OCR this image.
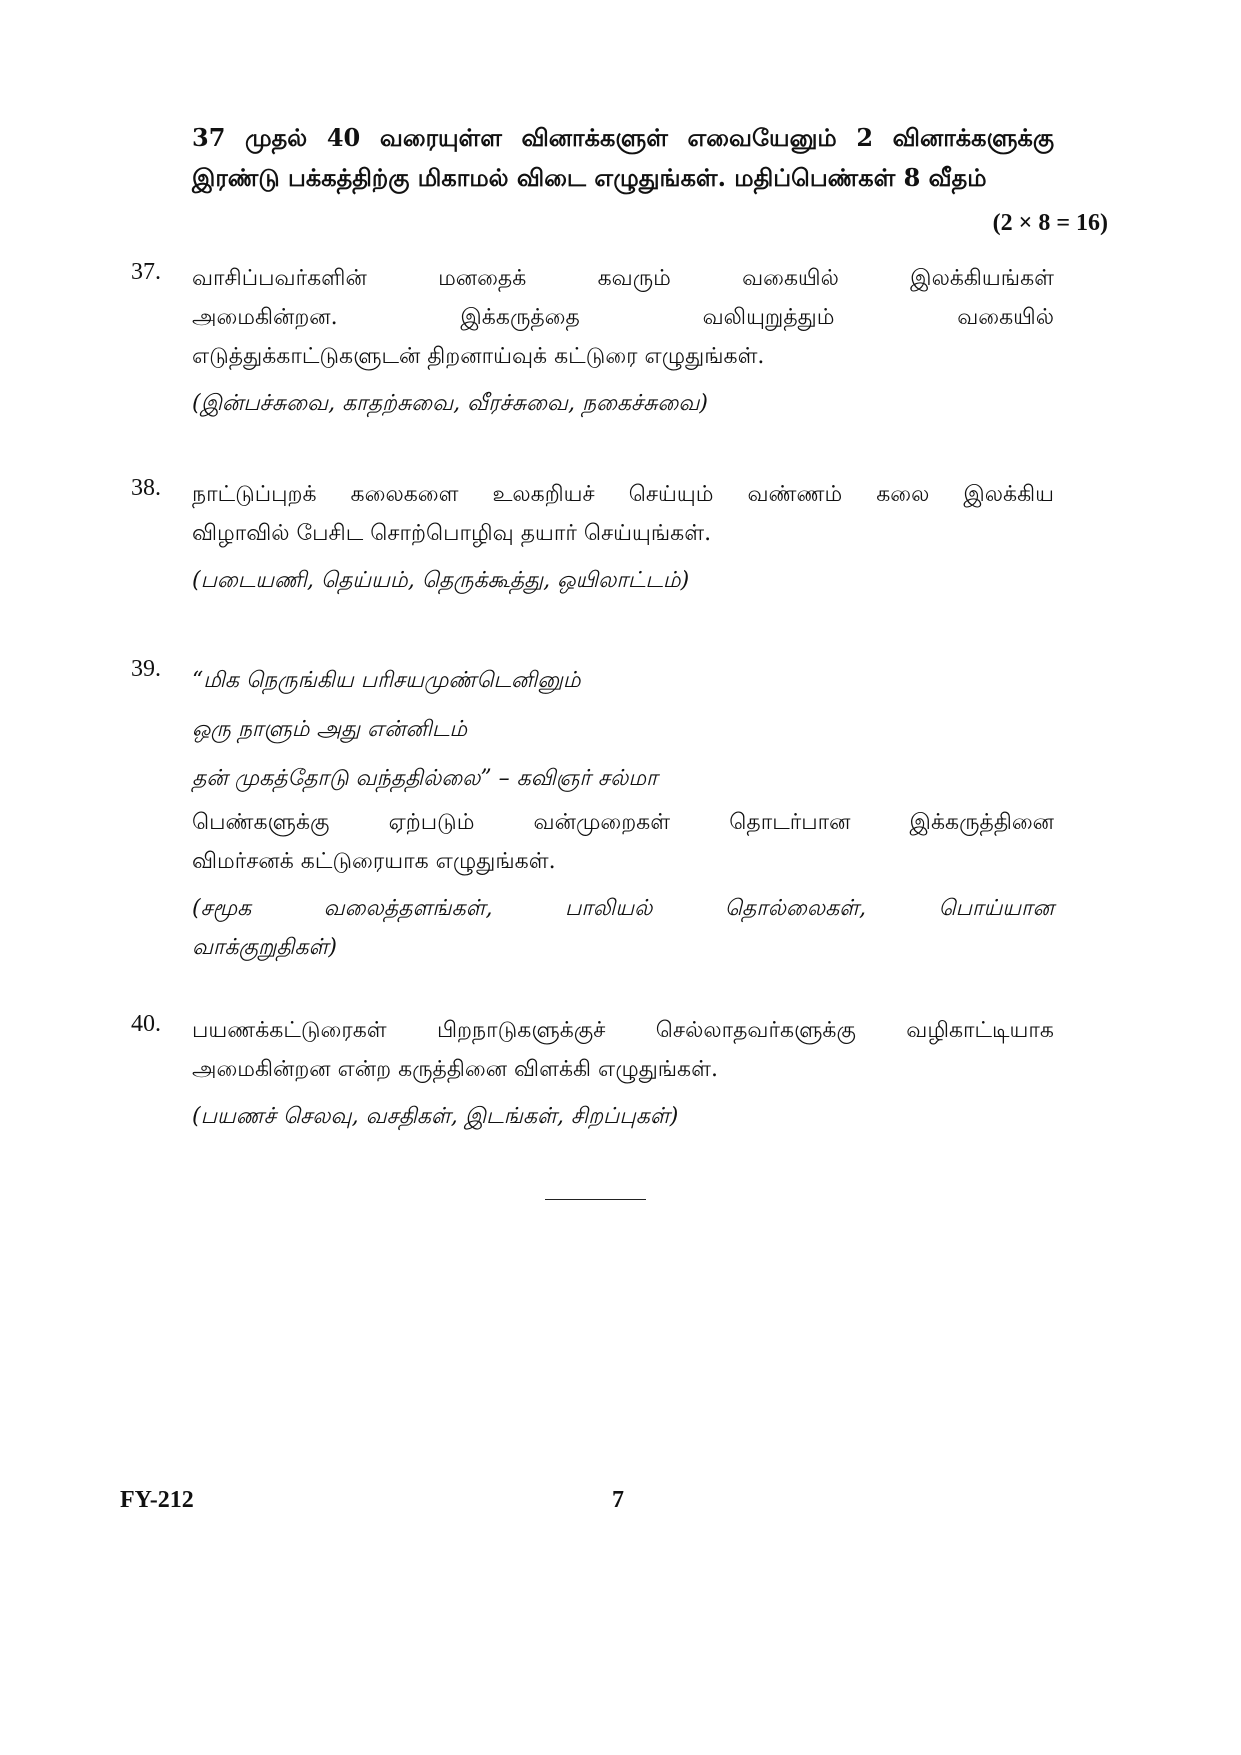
37 முதல் 40 வரையுள்ள வினாக்களுள் எவையேனும் 2 வினாக்களுக்கு
இரண்டு பக்கத்திற்கு மிகாமல் விடை எழுதுங்கள். மதிப்பெண்கள் 8 வீதம்
(2 × 8 = 16)
37. வாசிப்பவர்களின் மனதைக் கவரும் வகையில் இலக்கியங்கள்
அமைகின்றன. இக்கருத்தை வலியுறுத்தும் வகையில்
எடுத்துக்காட்டுகளுடன் திறனாய்வுக் கட்டுரை எழுதுங்கள்.
(இன்பச்சுவை, காதற்சுவை, வீரச்சுவை, நகைச்சுவை)
38. நாட்டுப்புறக் கலைகளை உலகறியச் செய்யும் வண்ணம் கலை இலக்கிய
விழாவில் பேசிட சொற்பொழிவு தயார் செய்யுங்கள்.
(படையணி, தெய்யம், தெருக்கூத்து, ஒயிலாட்டம்)
39. “மிக நெருங்கிய பரிசயமுண்டெனினும்
ஒரு நாளும் அது என்னிடம்
தன் முகத்தோடு வந்ததில்லை” – கவிஞர் சல்மா
பெண்களுக்கு ஏற்படும் வன்முறைகள் தொடர்பான இக்கருத்தினை
விமர்சனக் கட்டுரையாக எழுதுங்கள்.
(சமூக வலைத்தளங்கள், பாலியல் தொல்லைகள், பொய்யான
வாக்குறுதிகள்)
40. பயணக்கட்டுரைகள் பிறநாடுகளுக்குச் செல்லாதவர்களுக்கு வழிகாட்டியாக
அமைகின்றன என்ற கருத்தினை விளக்கி எழுதுங்கள்.
(பயணச் செலவு, வசதிகள், இடங்கள், சிறப்புகள்)
FY-212	7
